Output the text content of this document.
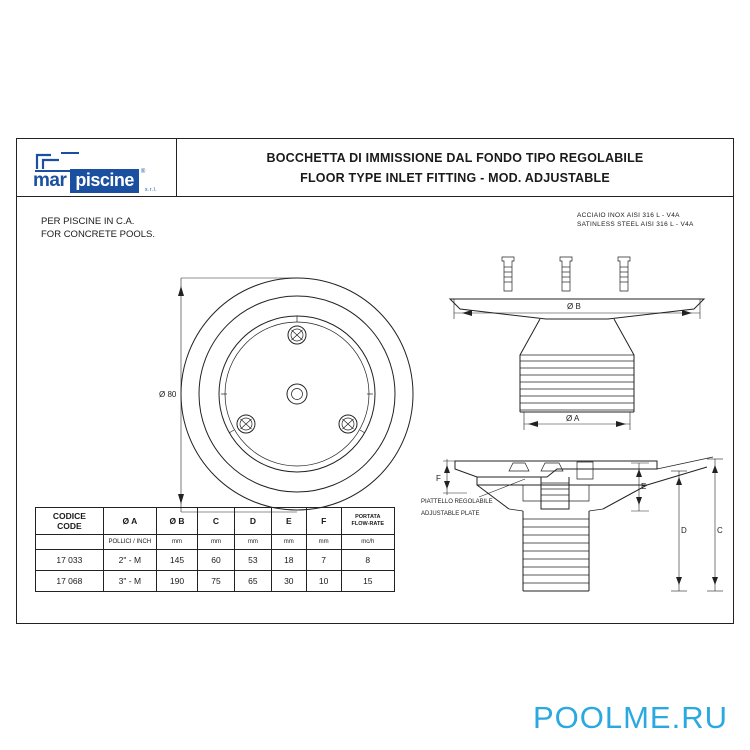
mar piscine	®
s.r.l.
BOCCHETTA DI IMMISSIONE DAL FONDO TIPO REGOLABILE
FLOOR TYPE INLET FITTING - MOD. ADJUSTABLE
PER PISCINE IN C.A.
FOR CONCRETE POOLS.
ACCIAIO INOX AISI 316 L - V4A
SATINLESS STEEL AISI 316 L - V4A
Ø 80
Ø B
Ø A
F
E
D	C
PIATTELLO REGOLABILE
ADJUSTABLE PLATE
CODICE
CODE	Ø A	Ø B	C	D	E	F	PORTATA
FLOW-RATE

	POLLICI / INCH	mm	mm	mm	mm	mm	mc/h
17 033	2" - M	145	60	53	18	7	8
17 068	3" - M	190	75	65	30	10	15
POOLME.RU
